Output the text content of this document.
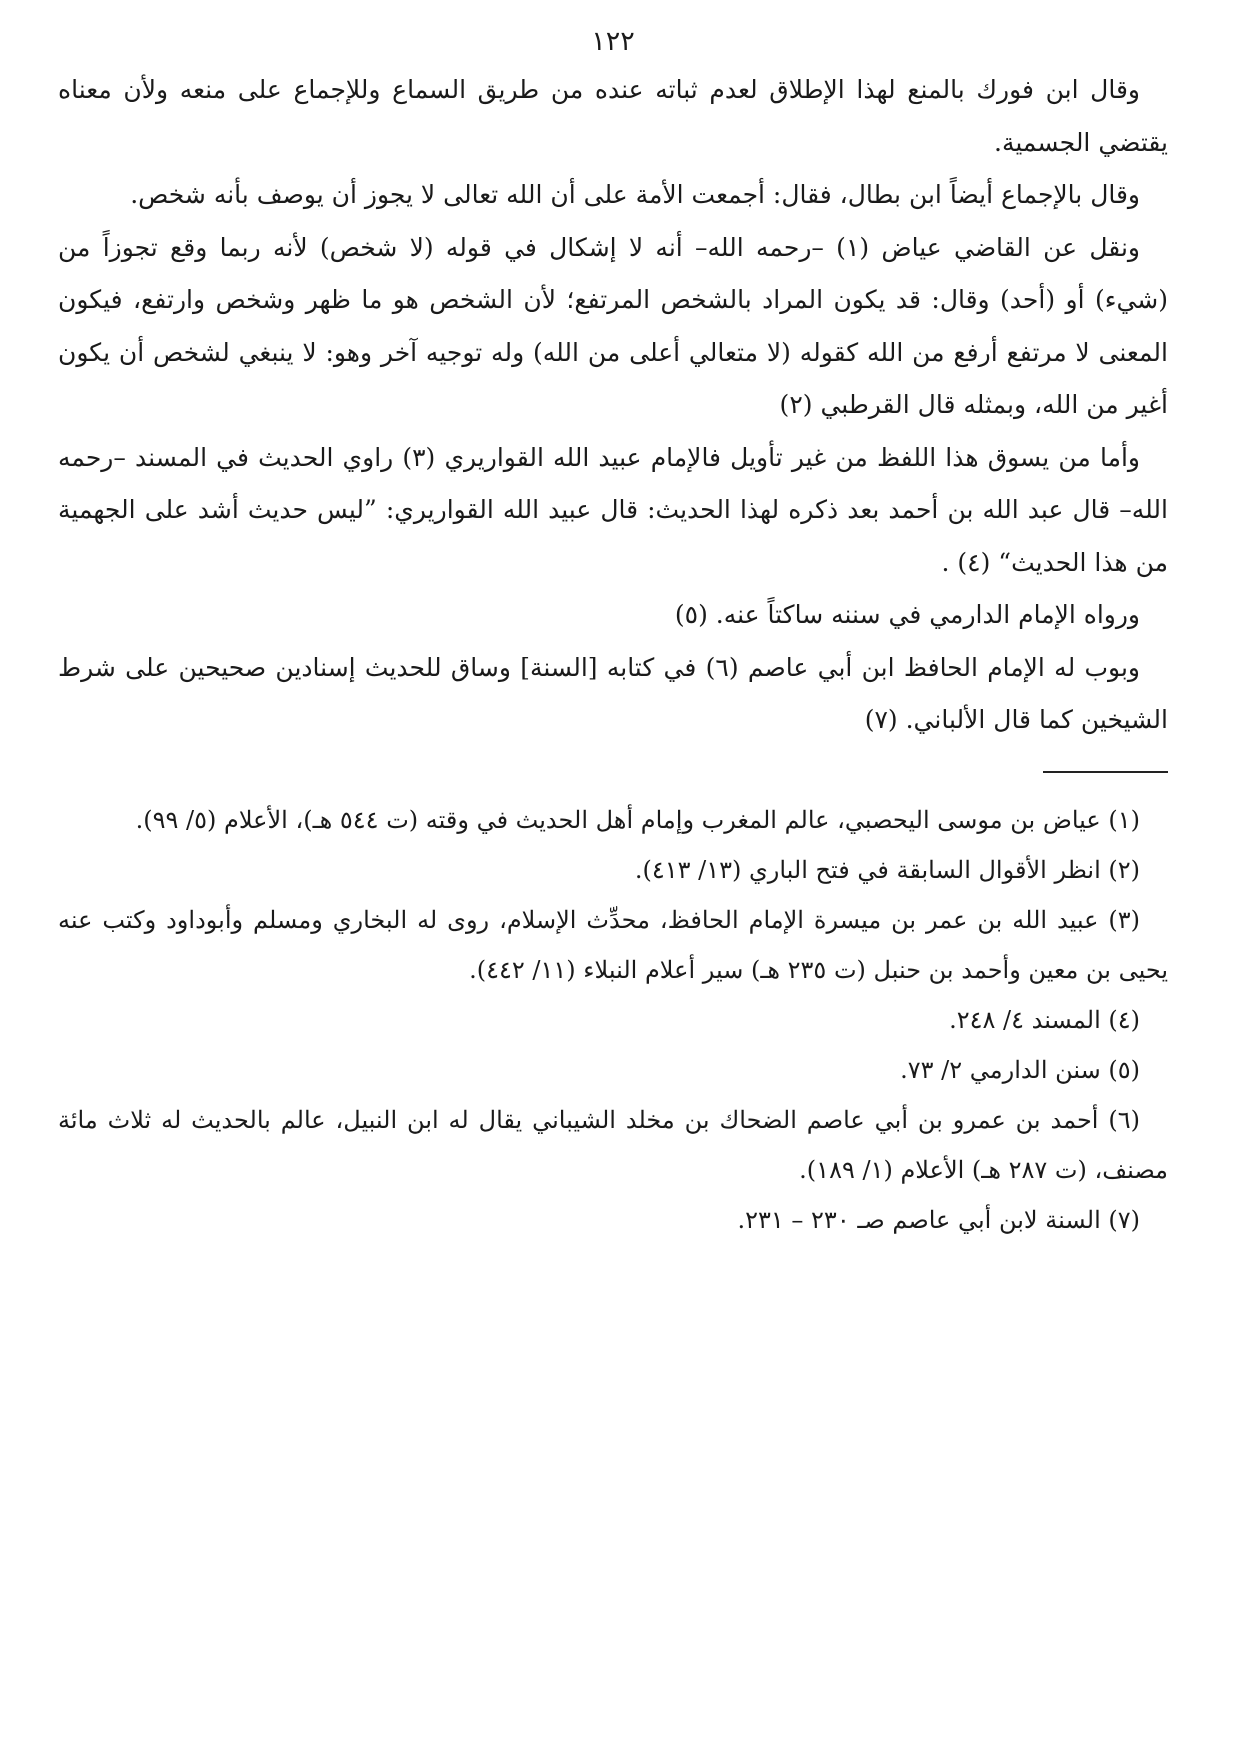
١٢٢

وقال ابن فورك بالمنع لهذا الإطلاق لعدم ثباته عنده من طريق السماع وللإجماع على منعه ولأن معناه يقتضي الجسمية.

وقال بالإجماع أيضاً ابن بطال، فقال: أجمعت الأمة على أن الله تعالى لا يجوز أن يوصف بأنه شخص.

ونقل عن القاضي عياض (١) –رحمه الله– أنه لا إشكال في قوله (لا شخص) لأنه ربما وقع تجوزاً من (شيء) أو (أحد) وقال: قد يكون المراد بالشخص المرتفع؛ لأن الشخص هو ما ظهر وشخص وارتفع، فيكون المعنى لا مرتفع أرفع من الله كقوله (لا متعالي أعلى من الله) وله توجيه آخر وهو: لا ينبغي لشخص أن يكون أغير من الله، وبمثله قال القرطبي (٢)

وأما من يسوق هذا اللفظ من غير تأويل فالإمام عبيد الله القواريري (٣) راوي الحديث في المسند –رحمه الله– قال عبد الله بن أحمد بعد ذكره لهذا الحديث: قال عبيد الله القواريري: ”ليس حديث أشد على الجهمية من هذا الحديث“ (٤) .

ورواه الإمام الدارمي في سننه ساكتاً عنه. (٥)

وبوب له الإمام الحافظ ابن أبي عاصم (٦) في كتابه [السنة] وساق للحديث إسنادين صحيحين على شرط الشيخين كما قال الألباني. (٧)

(١) عياض بن موسى اليحصبي، عالم المغرب وإمام أهل الحديث في وقته (ت ٥٤٤ هـ)، الأعلام (٥/ ٩٩).

(٢) انظر الأقوال السابقة في فتح الباري (١٣/ ٤١٣).

(٣) عبيد الله بن عمر بن ميسرة الإمام الحافظ، محدِّث الإسلام، روى له البخاري ومسلم وأبوداود وكتب عنه يحيى بن معين وأحمد بن حنبل (ت ٢٣٥ هـ) سير أعلام النبلاء (١١/ ٤٤٢).

(٤) المسند ٤/ ٢٤٨.

(٥) سنن الدارمي ٢/ ٧٣.

(٦) أحمد بن عمرو بن أبي عاصم الضحاك بن مخلد الشيباني يقال له ابن النبيل، عالم بالحديث له ثلاث مائة مصنف، (ت ٢٨٧ هـ) الأعلام (١/ ١٨٩).

(٧) السنة لابن أبي عاصم صـ ٢٣٠ – ٢٣١.
